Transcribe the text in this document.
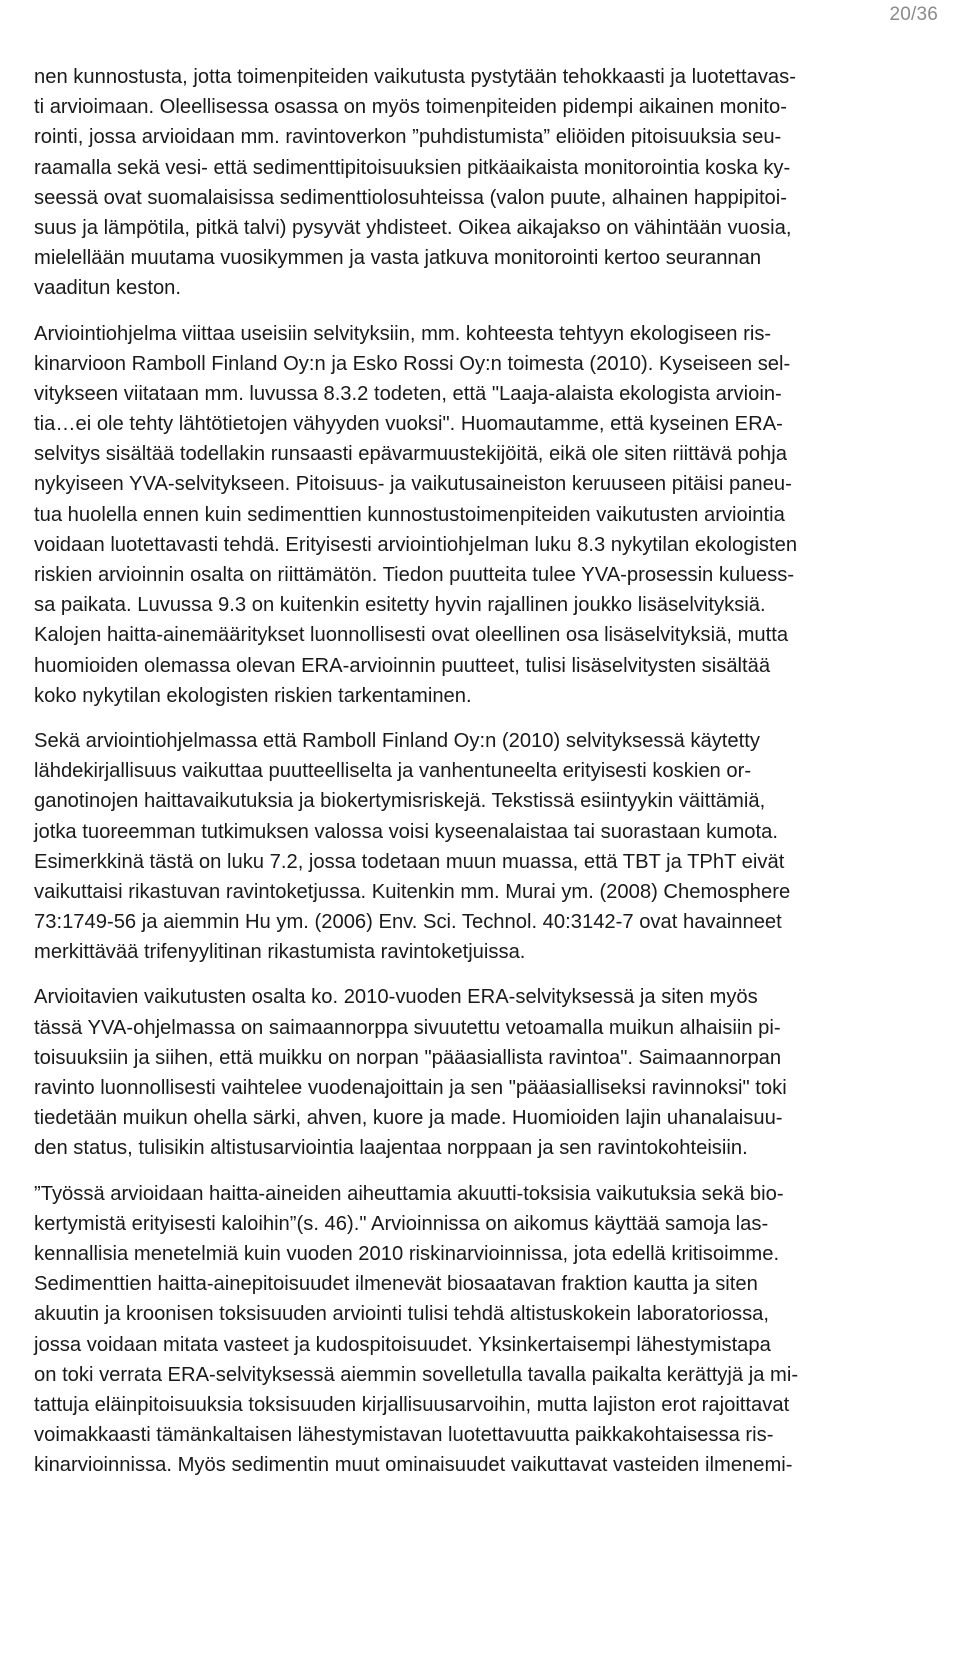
20/36
nen kunnostusta, jotta toimenpiteiden vaikutusta pystytään tehokkaasti ja luotettavas-
ti arvioimaan. Oleellisessa osassa on myös toimenpiteiden pidempi aikainen monito-
rointi, jossa arvioidaan mm. ravintoverkon ”puhdistumista” eliöiden pitoisuuksia seu-
raamalla sekä vesi- että sedimenttipitoisuuksien pitkäaikaista monitorointia koska ky-
seessä ovat suomalaisissa sedimenttiolosuhteissa (valon puute, alhainen happipitoi-
suus ja lämpötila, pitkä talvi) pysyvät yhdisteet. Oikea aikajakso on vähintään vuosia,
mielellään muutama vuosikymmen ja vasta jatkuva monitorointi kertoo seurannan
vaaditun keston.
Arviointiohjelma viittaa useisiin selvityksiin, mm. kohteesta tehtyyn ekologiseen ris-
kinarvioon Ramboll Finland Oy:n ja Esko Rossi Oy:n toimesta (2010). Kyseiseen sel-
vitykseen viitataan mm. luvussa 8.3.2 todeten, että "Laaja-alaista ekologista arvioin-
tia…ei ole tehty lähtötietojen vähyyden vuoksi". Huomautamme, että kyseinen ERA-
selvitys sisältää todellakin runsaasti epävarmuustekijöitä, eikä ole siten riittävä pohja
nykyiseen YVA-selvitykseen. Pitoisuus- ja vaikutusaineiston keruuseen pitäisi paneu-
tua huolella ennen kuin sedimenttien kunnostustoimenpiteiden vaikutusten arviointia
voidaan luotettavasti tehdä. Erityisesti arviointiohjelman luku 8.3 nykytilan ekologisten
riskien arvioinnin osalta on riittämätön. Tiedon puutteita tulee YVA-prosessin kuluess-
sa paikata. Luvussa 9.3 on kuitenkin esitetty hyvin rajallinen joukko lisäselvityksiä.
Kalojen haitta-ainemääritykset luonnollisesti ovat oleellinen osa lisäselvityksiä, mutta
huomioiden olemassa olevan ERA-arvioinnin puutteet, tulisi lisäselvitysten sisältää
koko nykytilan ekologisten riskien tarkentaminen.
Sekä arviointiohjelmassa että Ramboll Finland Oy:n (2010) selvityksessä käytetty
lähdekirjallisuus vaikuttaa puutteelliselta ja vanhentuneelta erityisesti koskien or-
ganotinojen haittavaikutuksia ja biokertymisriskejä. Tekstissä esiintyykin väittämiä,
jotka tuoreemman tutkimuksen valossa voisi kyseenalaistaa tai suorastaan kumota.
Esimerkkinä tästä on luku 7.2, jossa todetaan muun muassa, että TBT ja TPhT eivät
vaikuttaisi rikastuvan ravintoketjussa. Kuitenkin mm. Murai ym. (2008) Chemosphere
73:1749-56 ja aiemmin Hu ym. (2006) Env. Sci. Technol. 40:3142-7 ovat havainneet
merkittävää trifenyylitinan rikastumista ravintoketjuissa.
Arvioitavien vaikutusten osalta ko. 2010-vuoden ERA-selvityksessä ja siten myös
tässä YVA-ohjelmassa on saimaannorppa sivuutettu vetoamalla muikun alhaisiin pi-
toisuuksiin ja siihen, että muikku on norpan "pääasiallista ravintoa". Saimaannorpan
ravinto luonnollisesti vaihtelee vuodenajoittain ja sen "pääasialliseksi ravinnoksi" toki
tiedetään muikun ohella särki, ahven, kuore ja made. Huomioiden lajin uhanalaisuu-
den status, tulisikin altistusarviointia laajentaa norppaan ja sen ravintokohteisiin.
”Työssä arvioidaan haitta-aineiden aiheuttamia akuutti-toksisia vaikutuksia sekä bio-
kertymistä erityisesti kaloihin”(s. 46)." Arvioinnissa on aikomus käyttää samoja las-
kennallisia menetelmiä kuin vuoden 2010 riskinarvioinnissa, jota edellä kritisoimme.
Sedimenttien haitta-ainepitoisuudet ilmenevät biosaatavan fraktion kautta ja siten
akuutin ja kroonisen toksisuuden arviointi tulisi tehdä altistuskokein laboratoriossa,
jossa voidaan mitata vasteet ja kudospitoisuudet. Yksinkertaisempi lähestymistapa
on toki verrata ERA-selvityksessä aiemmin sovelletulla tavalla paikalta kerättyjä ja mi-
tattuja eläinpitoisuuksia toksisuuden kirjallisuusarvoihin, mutta lajiston erot rajoittavat
voimakkaasti tämänkaltaisen lähestymistavan luotettavuutta paikkakohtaisessa ris-
kinarvioinnissa. Myös sedimentin muut ominaisuudet vaikuttavat vasteiden ilmenemi-
